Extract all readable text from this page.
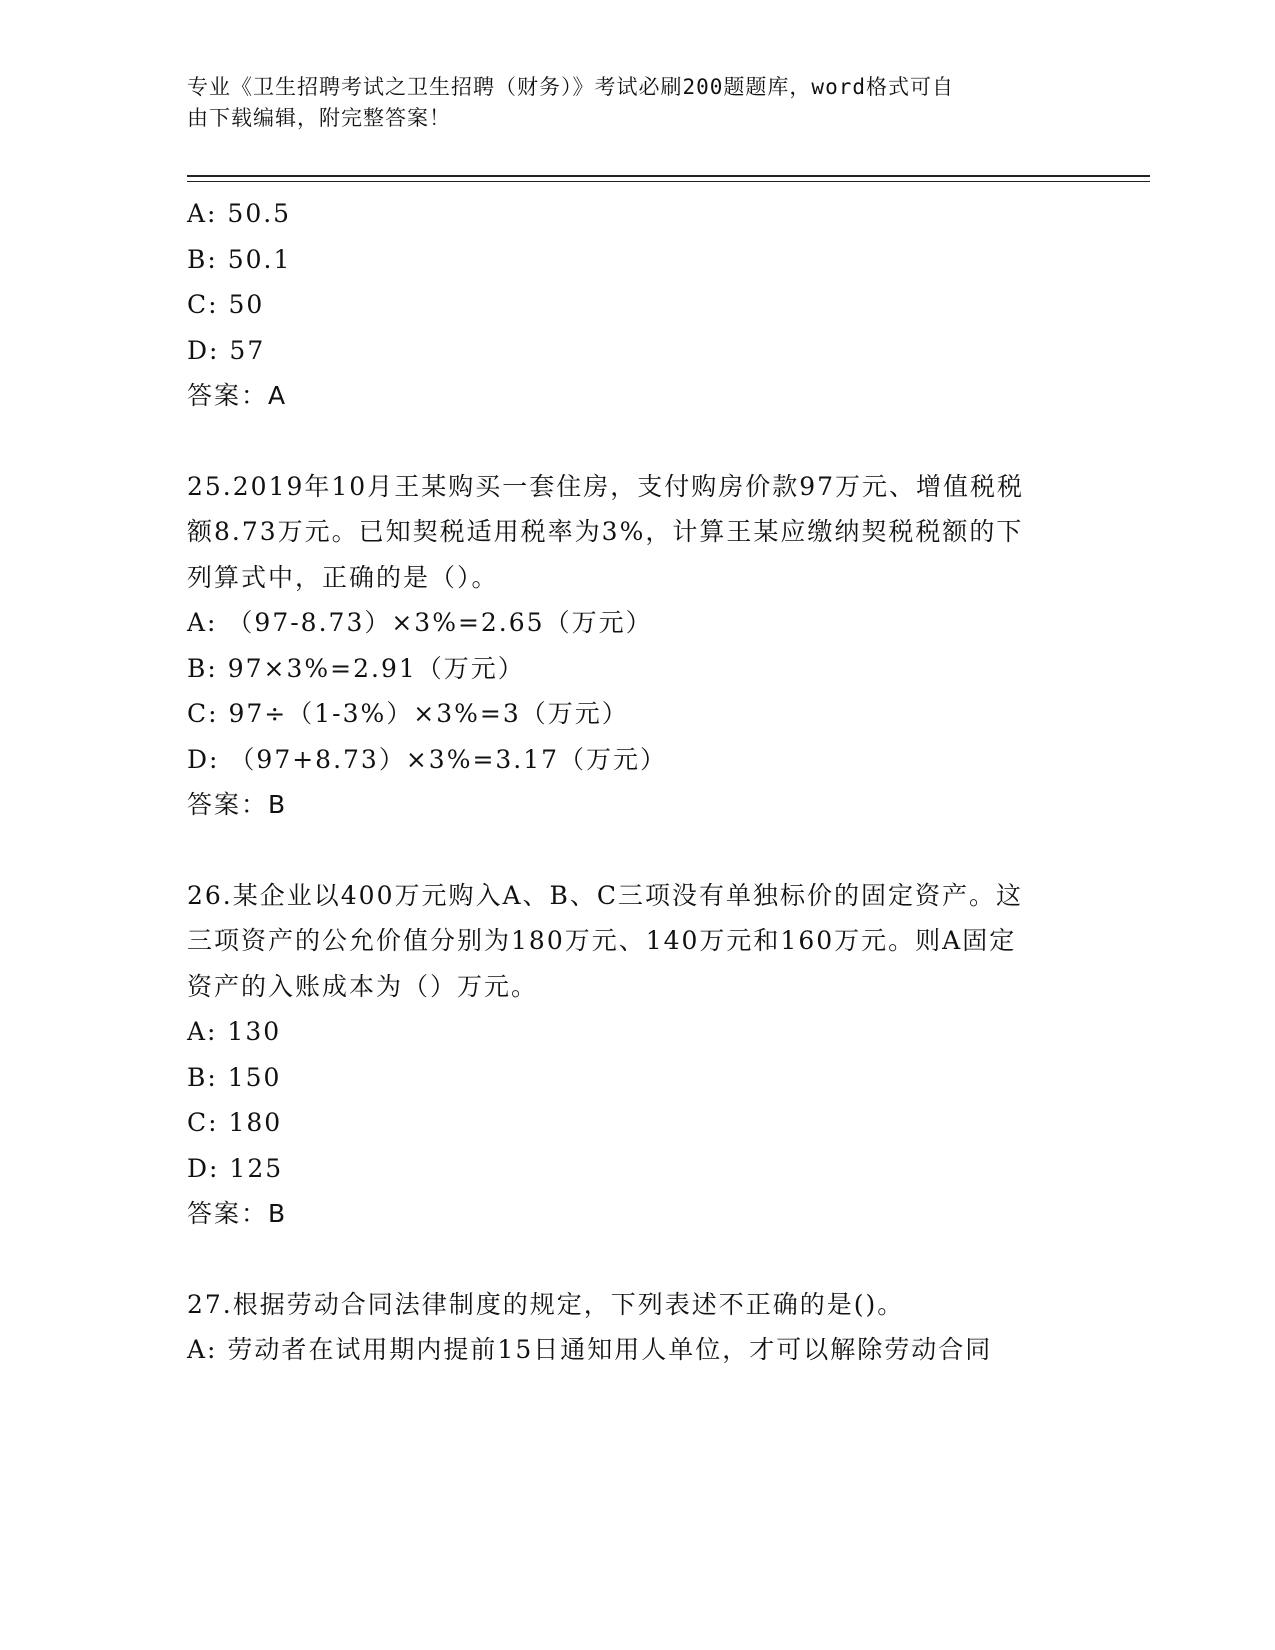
专业《卫生招聘考试之卫生招聘（财务）》考试必刷200题题库，word格式可自
由下载编辑，附完整答案！
A: 50.5
B: 50.1
C: 50
D: 57
答案：A
25.2019年10月王某购买一套住房，支付购房价款97万元、增值税税
额8.73万元。已知契税适用税率为3%，计算王某应缴纳契税税额的下
列算式中，正确的是（）。
A: （97-8.73）×3%=2.65（万元）
B: 97×3%=2.91（万元）
C: 97÷（1-3%）×3%=3（万元）
D: （97+8.73）×3%=3.17（万元）
答案：B
26.某企业以400万元购入A、B、C三项没有单独标价的固定资产。这
三项资产的公允价值分别为180万元、140万元和160万元。则A固定
资产的入账成本为（）万元。
A: 130
B: 150
C: 180
D: 125
答案：B
27.根据劳动合同法律制度的规定，下列表述不正确的是()。
A: 劳动者在试用期内提前15日通知用人单位，才可以解除劳动合同
